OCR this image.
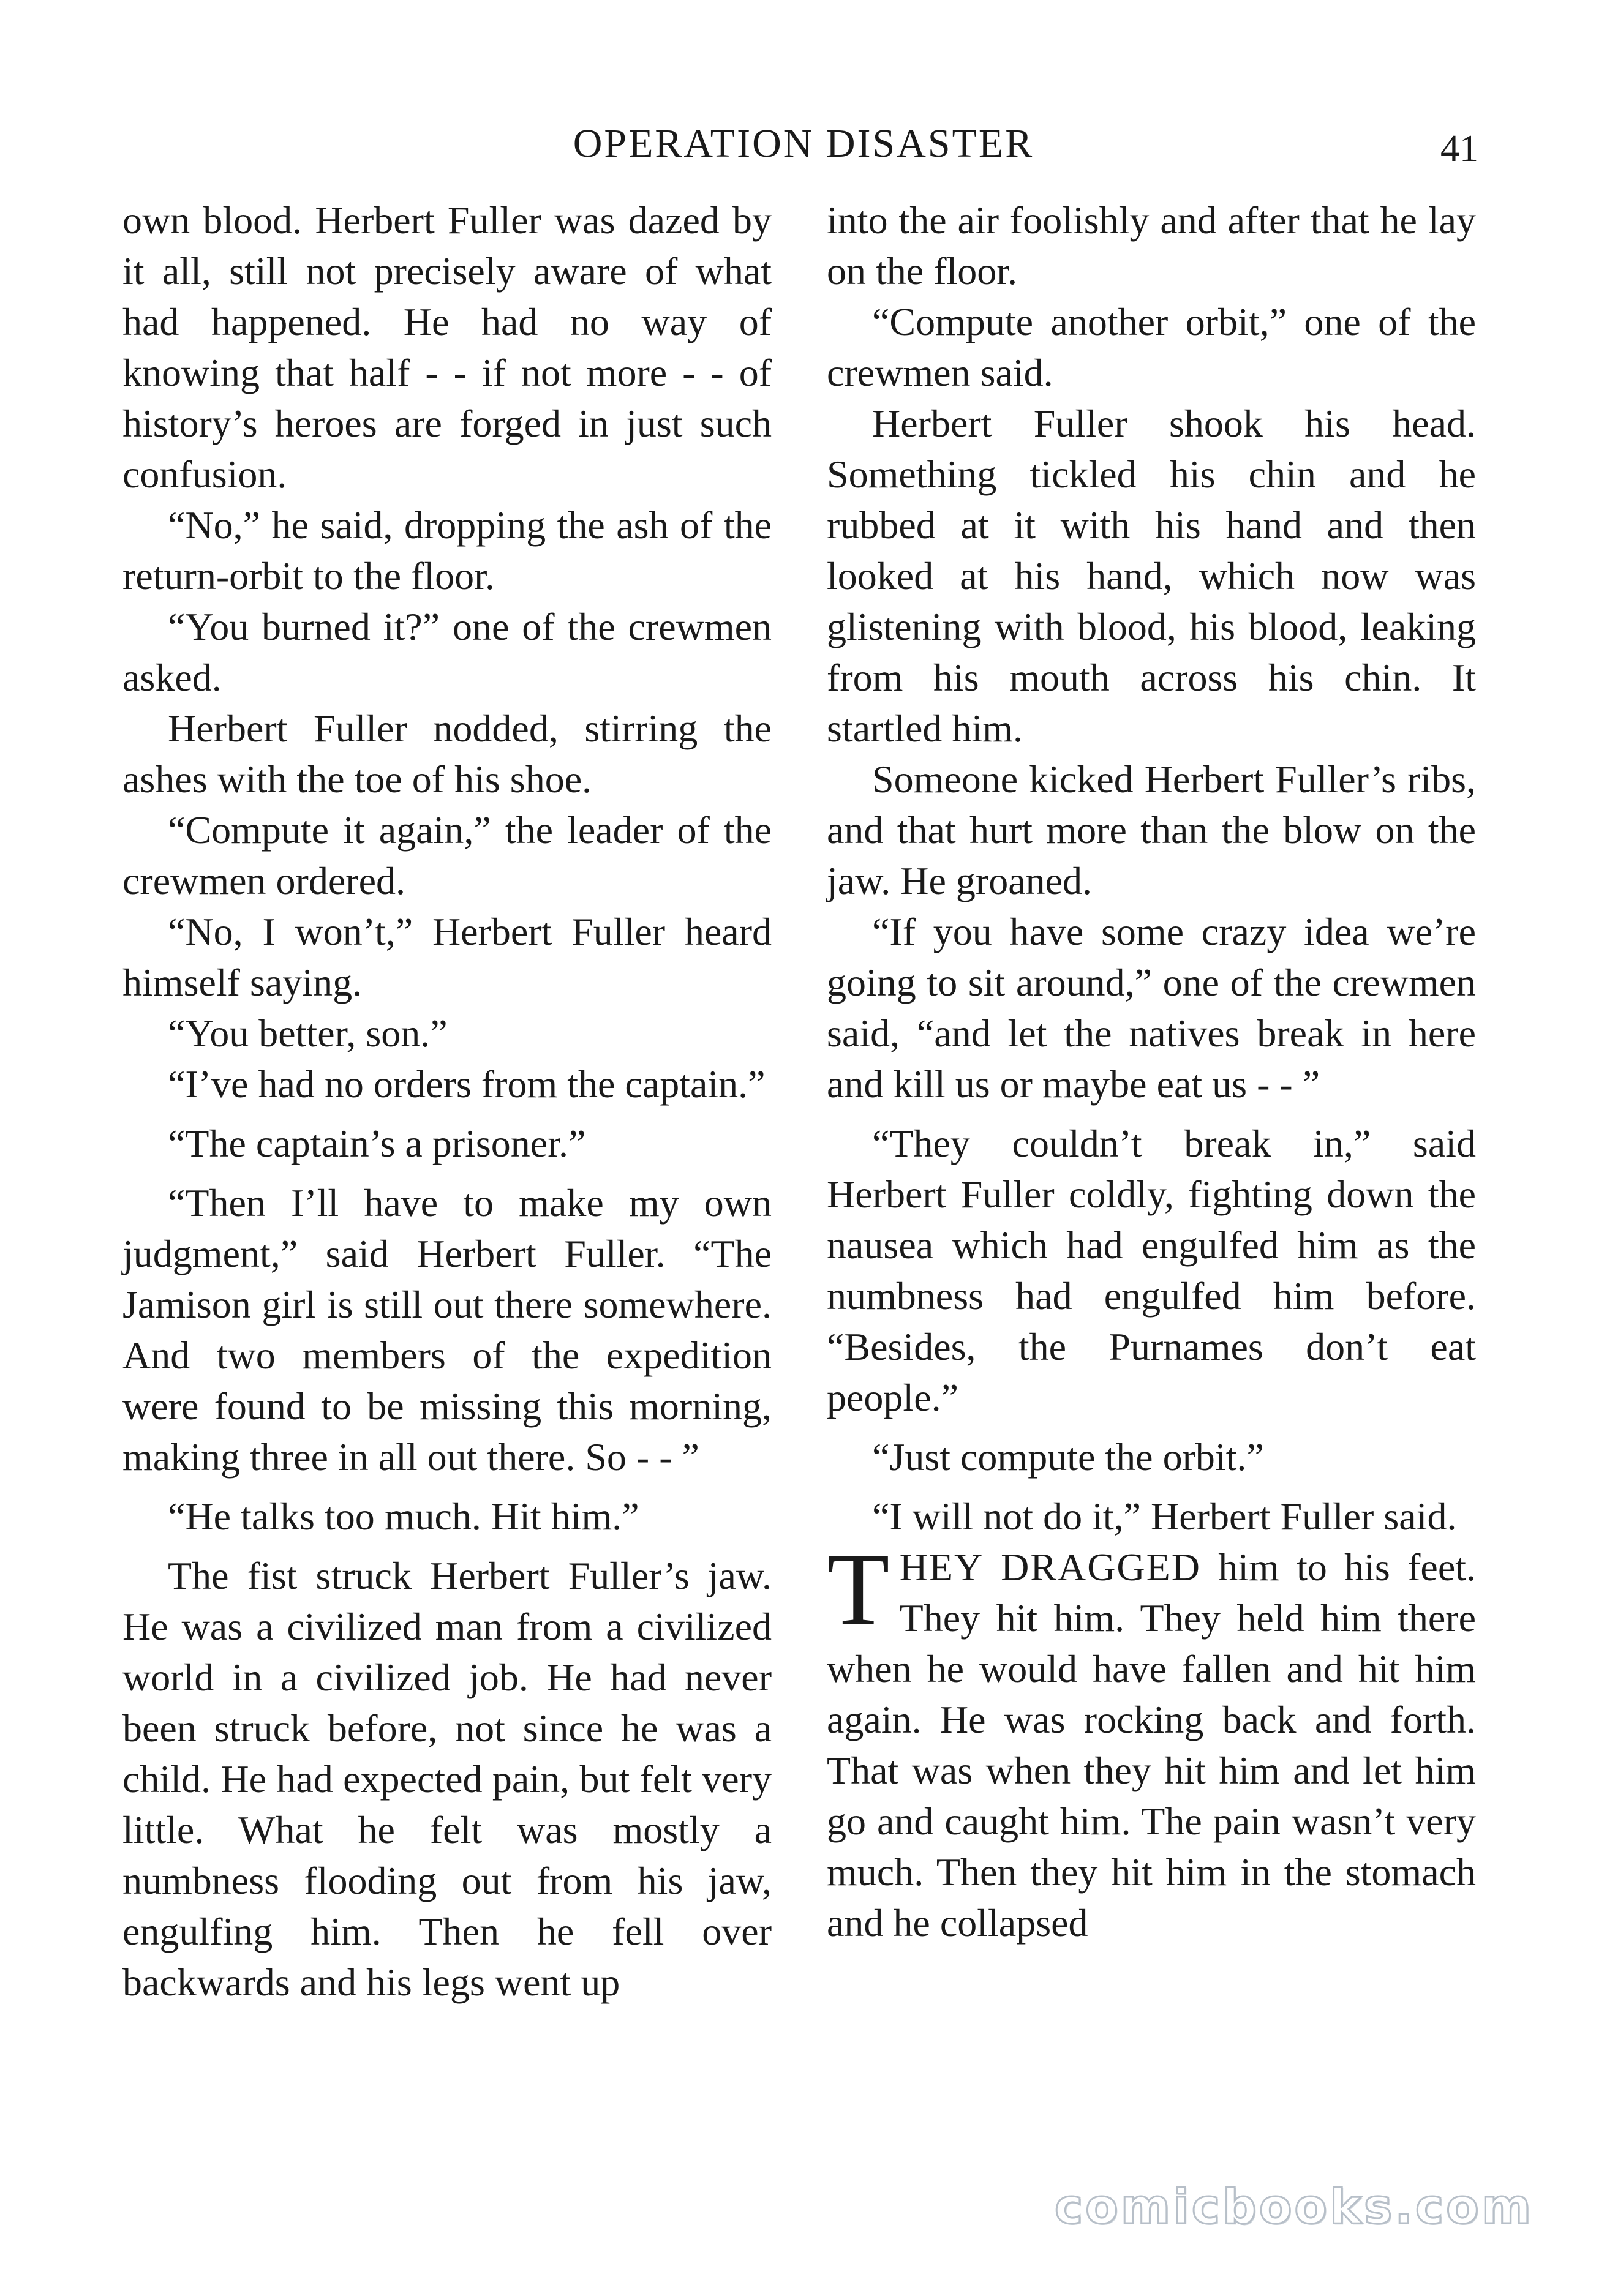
OPERATION DISASTER	41

own blood. Herbert Fuller was dazed by it all, still not precisely aware of what had happened. He had no way of knowing that half - - if not more - - of history’s heroes are forged in just such confusion.

“No,” he said, dropping the ash of the return-orbit to the floor.

“You burned it?” one of the crewmen asked.

Herbert Fuller nodded, stirring the ashes with the toe of his shoe.

“Compute it again,” the leader of the crewmen ordered.

“No, I won’t,” Herbert Fuller heard himself saying.

“You better, son.”

“I’ve had no orders from the captain.”

“The captain’s a prisoner.”

“Then I’ll have to make my own judgment,” said Herbert Fuller. “The Jamison girl is still out there somewhere. And two members of the expedition were found to be missing this morning, making three in all out there. So - - ”

“He talks too much. Hit him.”

The fist struck Herbert Fuller’s jaw. He was a civilized man from a civilized world in a civilized job. He had never been struck before, not since he was a child. He had expected pain, but felt very little. What he felt was mostly a numbness flooding out from his jaw, engulfing him. Then he fell over backwards and his legs went up

into the air foolishly and after that he lay on the floor.

“Compute another orbit,” one of the crewmen said.

Herbert Fuller shook his head. Something tickled his chin and he rubbed at it with his hand and then looked at his hand, which now was glistening with blood, his blood, leaking from his mouth across his chin. It startled him.

Someone kicked Herbert Fuller’s ribs, and that hurt more than the blow on the jaw. He groaned.

“If you have some crazy idea we’re going to sit around,” one of the crewmen said, “and let the natives break in here and kill us or maybe eat us - - ”

“They couldn’t break in,” said Herbert Fuller coldly, fighting down the nausea which had engulfed him as the numbness had engulfed him before. “Besides, the Purnames don’t eat people.”

“Just compute the orbit.”

“I will not do it,” Herbert Fuller said.

THEY DRAGGED him to his feet. They hit him. They held him there when he would have fallen and hit him again. He was rocking back and forth. That was when they hit him and let him go and caught him. The pain wasn’t very much. Then they hit him in the stomach and he collapsed

comicbooks.com
